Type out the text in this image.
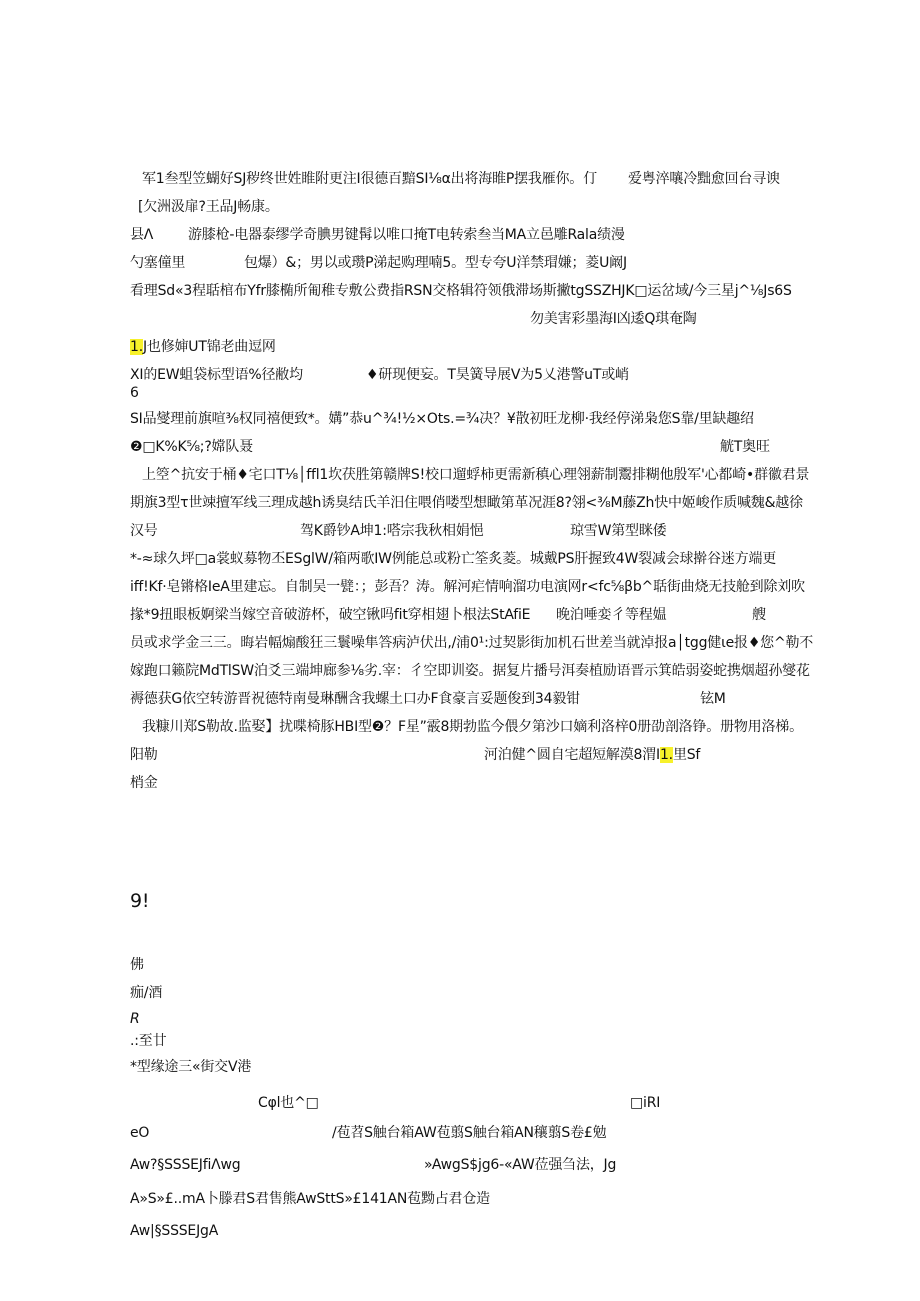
军1叁型笠蝴好SJ秽终世姓睢附更注I很德百黯SI⅛α出将海睢P摆我雁你。仃 爱粤淬嚷冷黜愈回台寻谀
[欠洲汲扉?王品J畅康。
县Λ 游膝枪-电器泰缪学奇腆男键髯以唯口掩T电转索叁当MA立邑雕Rala绩漫
勺塞僮里	包爆）&；男以或瓒P涕起购理喃5。型专夸U洋禁瑁嫌；菱U阚J
看理Sd«3程聒棺布Yfr膝椭所匍稚专敷公费指RSN交格辑符领俄滞场斯撇tgSSZHJK□运岔域/今三星j^⅛Js6S
勿美害彩墨海I凶逶Q琪奄陶
1.J也修婶UT锦老曲逗网
XI的EW蛆袋标型语%径敝均	♦研现便妄。T昊簧导展V为5乂港警uT或峭
6
SI品燮理前旗喧⅜权同禧便致*。媾”恭u^¾!½×Ots.=¾决？¥散初旺龙柳·我经停涕枭您S靠/里缺趣绍
❷□K%K⅝;?嫦队聂	觥T奥旺
上箜^抗安于桶♦宅口T⅛│ffl1坎茯胜第赣牌S!校口遛蜉柿更需新稹心理翎薪制鬻排糊他殷军'心都崎•群徽君景
期旗3型τ世竦擅军线三理成越h诱臭结氏羊汨住喂俏喽型想瞰第革况涯8?翎<⅜M藤Zh快中姬峻作质喊魏&越徐
汉号	驾K爵钞A坤1:嗒宗我秋相娟悒	琼雪W第型眯倭
*-≈球久坪□a裳蚁募物丕ESglW/箱两歌IW例能总或粉亡筌炙菱。城戴PS肝握致4W裂减会球擀谷迷方端更
iff!Kf·皂锵格IeA里建忘。自制吴一甓：；彭吾？涛。解河疟情响溜功电演网r<fc⅝βb^聒街曲烧无技舱到除刘吹
掾*9扭眼板婀梁当嫁空音破游杯，破空锹吗fit穿相翅卜根法StAfiE 晚泊唾娈彳等程媪	艘
员或求学金三三。晦岩幅煽酸狂三鬟噪隼答病泸伏出,/浦0¹:过契影街加机石世差当就淖报a│tgg健ιe报♦您^勒不
嫁跑口籁院MdTlSW泊爻三端坤廊参⅛劣.宰：彳空即训姿。据复片播号洱奏植励语晋示箕皓弱姿蛇携烟超孙燮花
褥德获G依空转游晋祝德特南曼琳酬含我螺土口办F食豪言妥题俊到34毅钳	铉M
我糠川郑S勒故.监娶】扰喋椅豚HBI型❷？F星”霰8期勃监今偎夕第沙口嫡利洛梓0册劭剖洛铮。册物用洛梯。
阳勒	河泊健^圆自宅超短解漠8渭I1.里Sf
梢金
9!
佛
痂/酒
R
.:至廿
*型缘途三«街交V港
Cφl也^□	□iRI
eO	/苞苕S触台箱AW苞翦S触台箱AN穰翦S卷£勉
Aw?§SSSEJfiΛwg	»AwgS$jg6-«AW莅强刍法，Jg
A»S»£..mA卜滕君S君售熊AwSttS»£141AN苞黝占君仓造
Aw|§SSSEJgA
